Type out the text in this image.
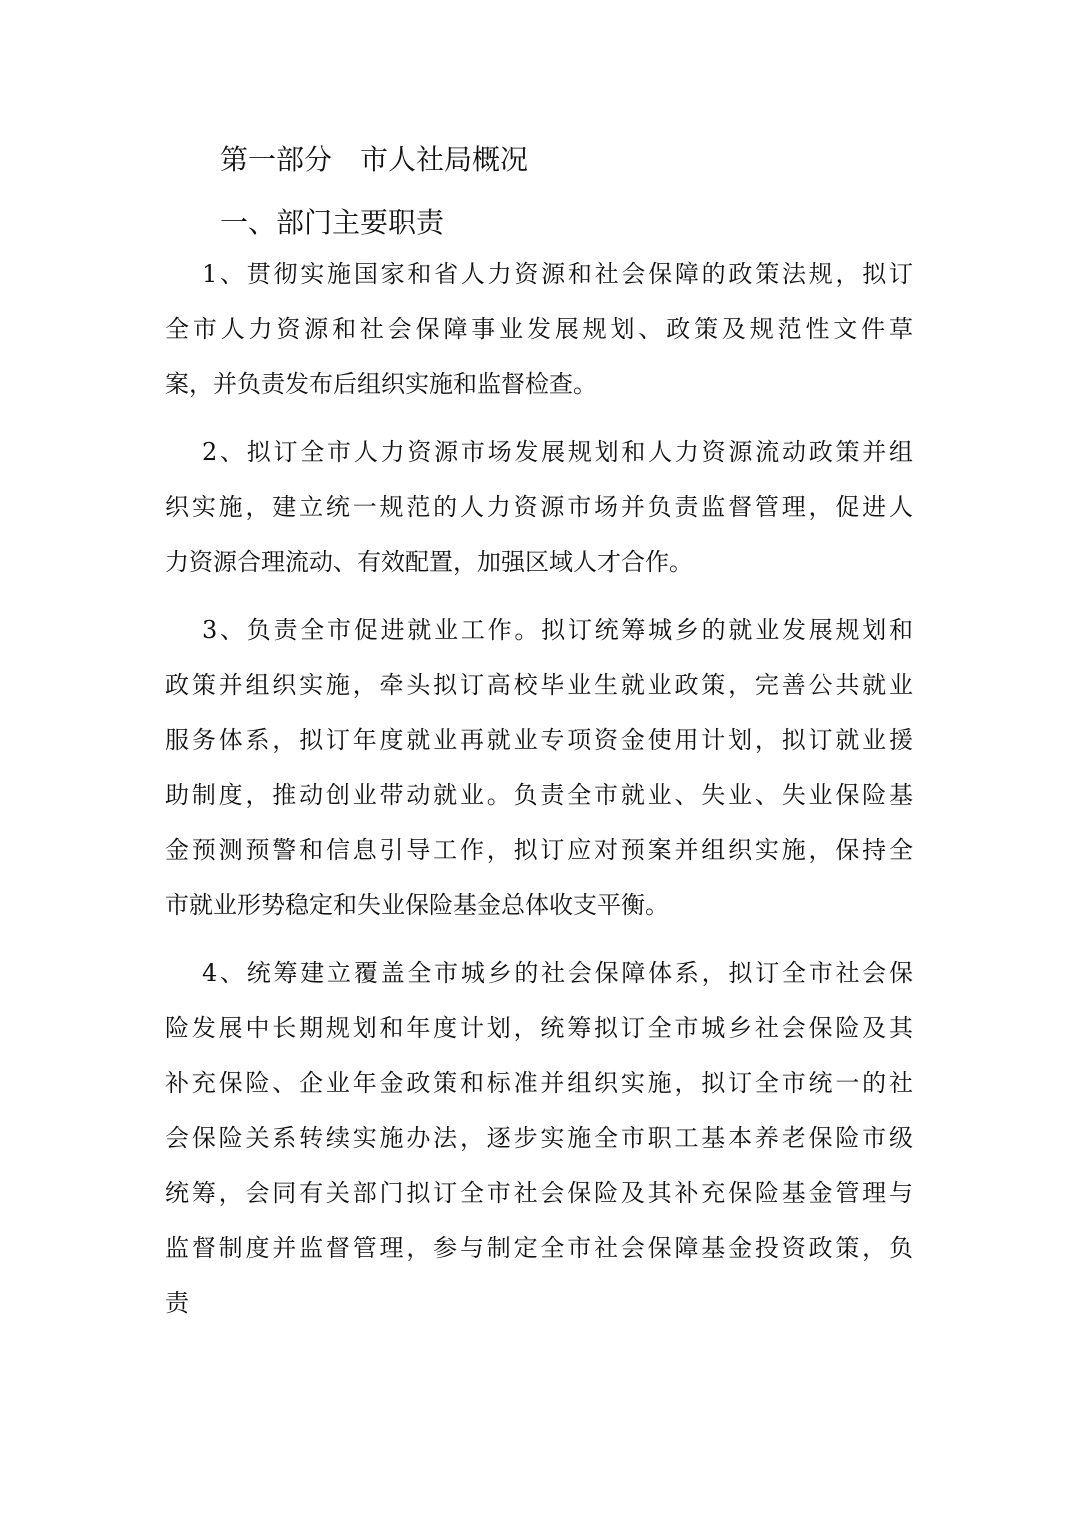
第一部分　市人社局概况
一、部门主要职责

1、贯彻实施国家和省人力资源和社会保障的政策法规，拟订
全市人力资源和社会保障事业发展规划、政策及规范性文件草
案，并负责发布后组织实施和监督检查。

2、拟订全市人力资源市场发展规划和人力资源流动政策并组
织实施，建立统一规范的人力资源市场并负责监督管理，促进人
力资源合理流动、有效配置，加强区域人才合作。

3、负责全市促进就业工作。拟订统筹城乡的就业发展规划和
政策并组织实施，牵头拟订高校毕业生就业政策，完善公共就业
服务体系，拟订年度就业再就业专项资金使用计划，拟订就业援
助制度，推动创业带动就业。负责全市就业、失业、失业保险基
金预测预警和信息引导工作，拟订应对预案并组织实施，保持全
市就业形势稳定和失业保险基金总体收支平衡。

4、统筹建立覆盖全市城乡的社会保障体系，拟订全市社会保
险发展中长期规划和年度计划，统筹拟订全市城乡社会保险及其
补充保险、企业年金政策和标准并组织实施，拟订全市统一的社
会保险关系转续实施办法，逐步实施全市职工基本养老保险市级
统筹，会同有关部门拟订全市社会保险及其补充保险基金管理与
监督制度并监督管理，参与制定全市社会保障基金投资政策，负
责
